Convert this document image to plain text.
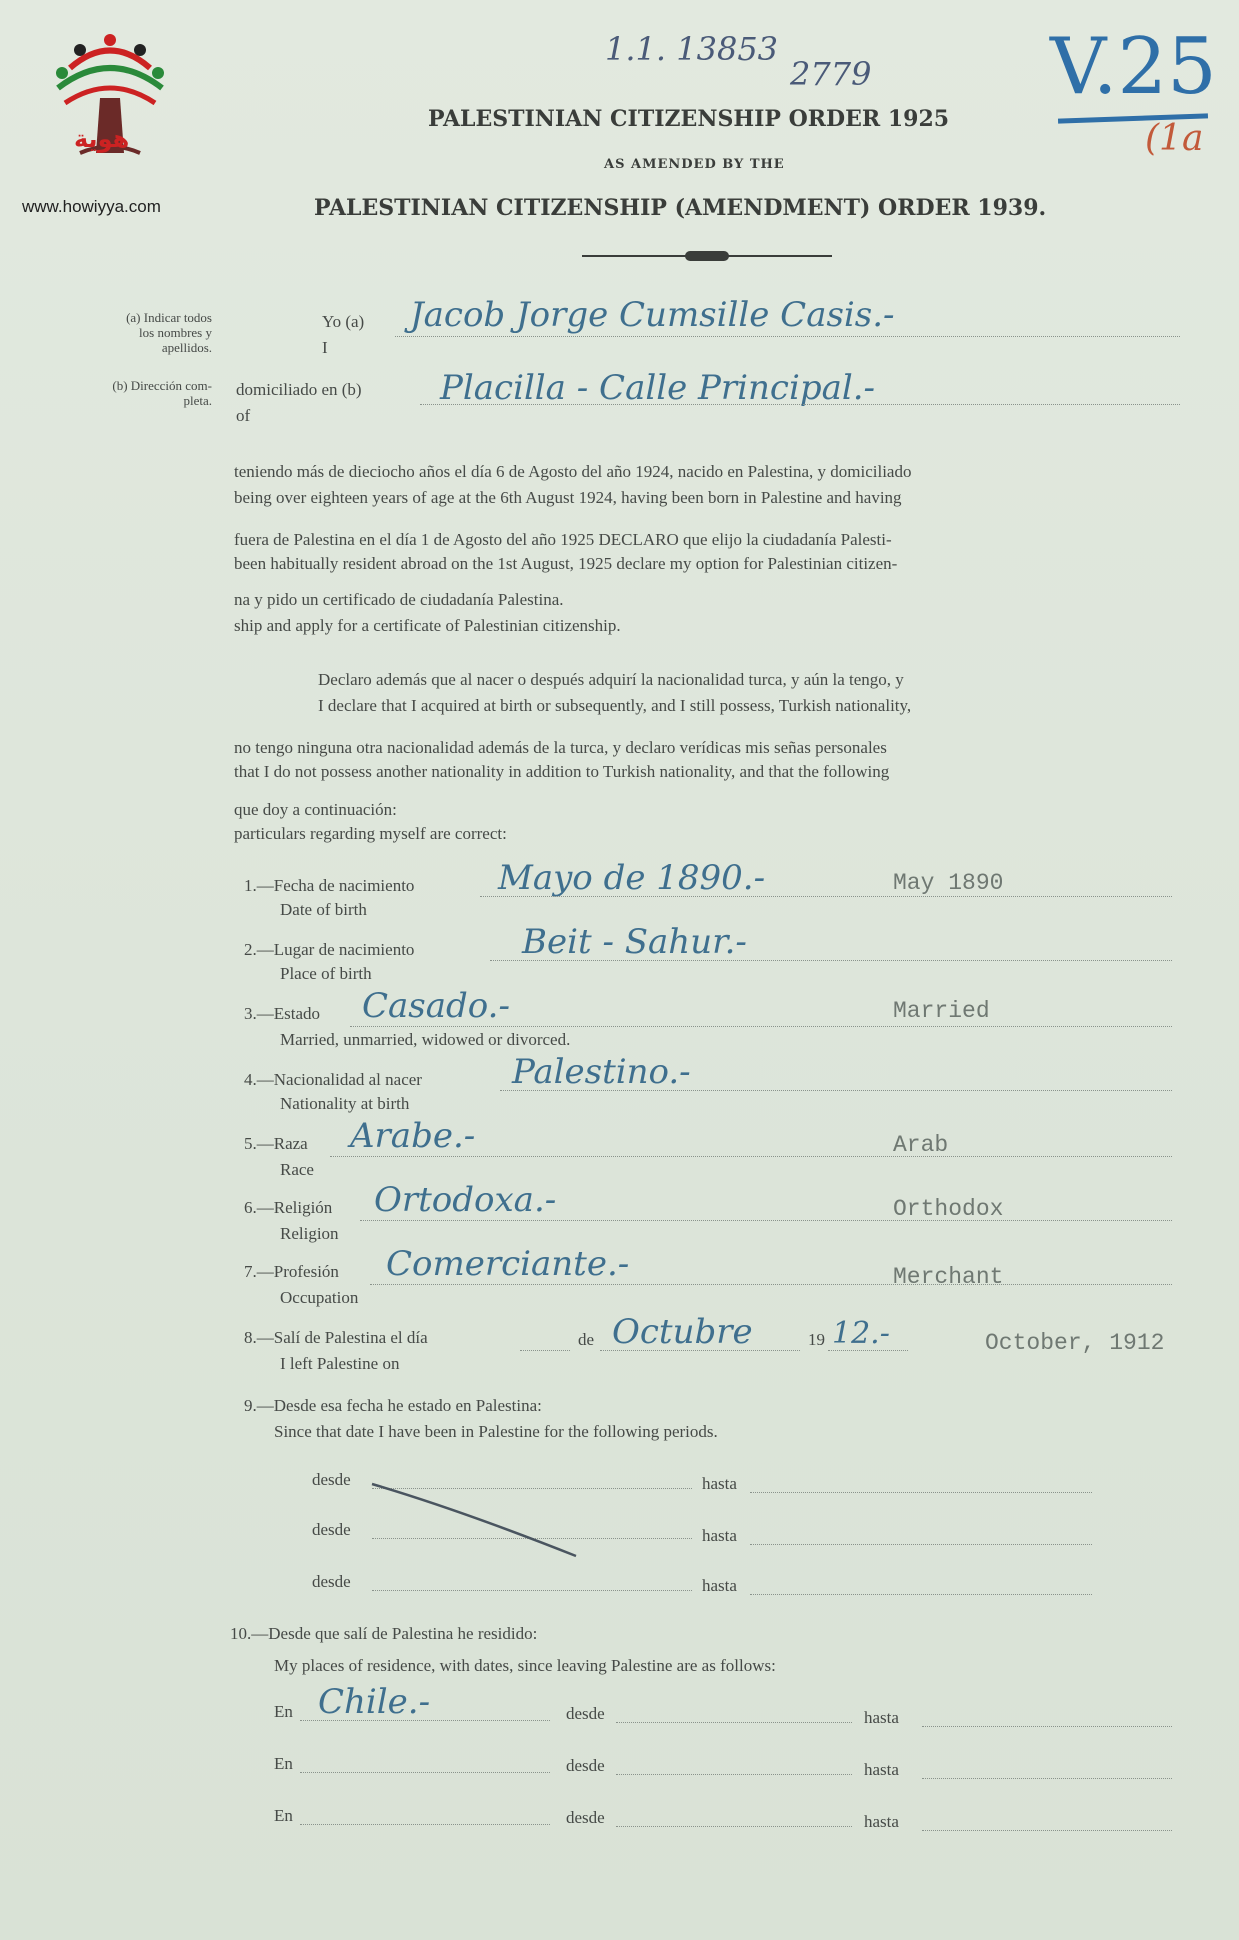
هوية
www.howiyya.com
1.1. 13853
2779 V.25
(1a
PALESTINIAN CITIZENSHIP ORDER 1925
AS AMENDED BY THE
PALESTINIAN CITIZENSHIP (AMENDMENT) ORDER 1939.
(a) Indicar todos
los nombres y
apellidos.
(b) Dirección com-
pleta.
Yo (a)
I
Jacob Jorge Cumsille Casis.-
domiciliado en (b)
of
Placilla - Calle Principal.-
teniendo más de dieciocho años el día 6 de Agosto del año 1924, nacido en Palestina, y domiciliado
being over eighteen years of age at the 6th August 1924, having been born in Palestine and having
fuera de Palestina en el día 1 de Agosto del año 1925 DECLARO que elijo la ciudadanía Palesti-
been habitually resident abroad on the 1st August, 1925 declare my option for Palestinian citizen-
na y pido un certificado de ciudadanía Palestina.
ship and apply for a certificate of Palestinian citizenship.
Declaro además que al nacer o después adquirí la nacionalidad turca, y aún la tengo, y
I declare that I acquired at birth or subsequently, and I still possess, Turkish nationality,
no tengo ninguna otra nacionalidad además de la turca, y declaro verídicas mis señas personales
that I do not possess another nationality in addition to Turkish nationality, and that the following
que doy a continuación:
particulars regarding myself are correct:
1.—Fecha de nacimiento
Date of birth
Mayo de 1890.-	May 1890
2.—Lugar de nacimiento
Place of birth
Beit - Sahur.-
3.—Estado
Married, unmarried, widowed or divorced.
Casado.-	Married
4.—Nacionalidad al nacer
Nationality at birth
Palestino.-
5.—Raza
Race
Arabe.-	Arab
6.—Religión
Religion
Ortodoxa.-	Orthodox
7.—Profesión
Occupation
Comerciante.-	Merchant
8.—Salí de Palestina el día
I left Palestine on
de Octubre	19 12.-	October, 1912
9.—Desde esa fecha he estado en Palestina:
Since that date I have been in Palestine for the following periods.
desde	hasta
desde	hasta
desde	hasta
10.—Desde que salí de Palestina he residido:
My places of residence, with dates, since leaving Palestine are as follows:
En Chile.-	desde	hasta
En	desde	hasta
En	desde	hasta
